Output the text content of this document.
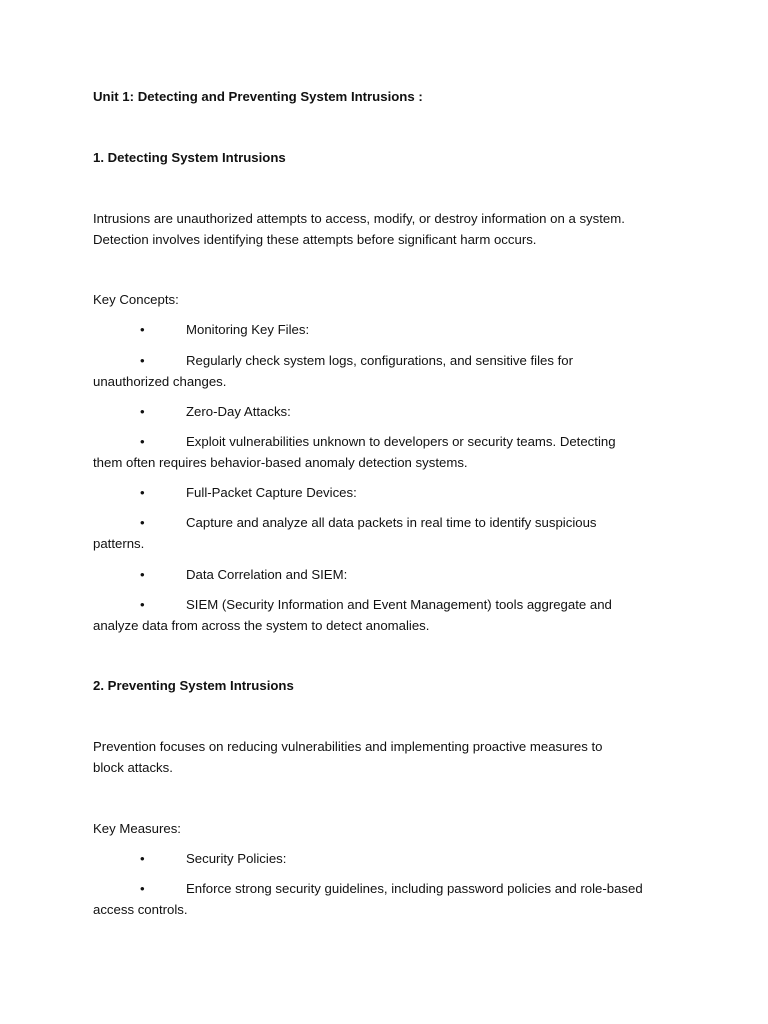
Unit 1: Detecting and Preventing System Intrusions :
1. Detecting System Intrusions
Intrusions are unauthorized attempts to access, modify, or destroy information on a system.
Detection involves identifying these attempts before significant harm occurs.
Key Concepts:
•	Monitoring Key Files:
•	Regularly check system logs, configurations, and sensitive files for
unauthorized changes.
•	Zero-Day Attacks:
•	Exploit vulnerabilities unknown to developers or security teams. Detecting
them often requires behavior-based anomaly detection systems.
•	Full-Packet Capture Devices:
•	Capture and analyze all data packets in real time to identify suspicious
patterns.
•	Data Correlation and SIEM:
•	SIEM (Security Information and Event Management) tools aggregate and
analyze data from across the system to detect anomalies.
2. Preventing System Intrusions
Prevention focuses on reducing vulnerabilities and implementing proactive measures to
block attacks.
Key Measures:
•	Security Policies:
•	Enforce strong security guidelines, including password policies and role-based
access controls.
